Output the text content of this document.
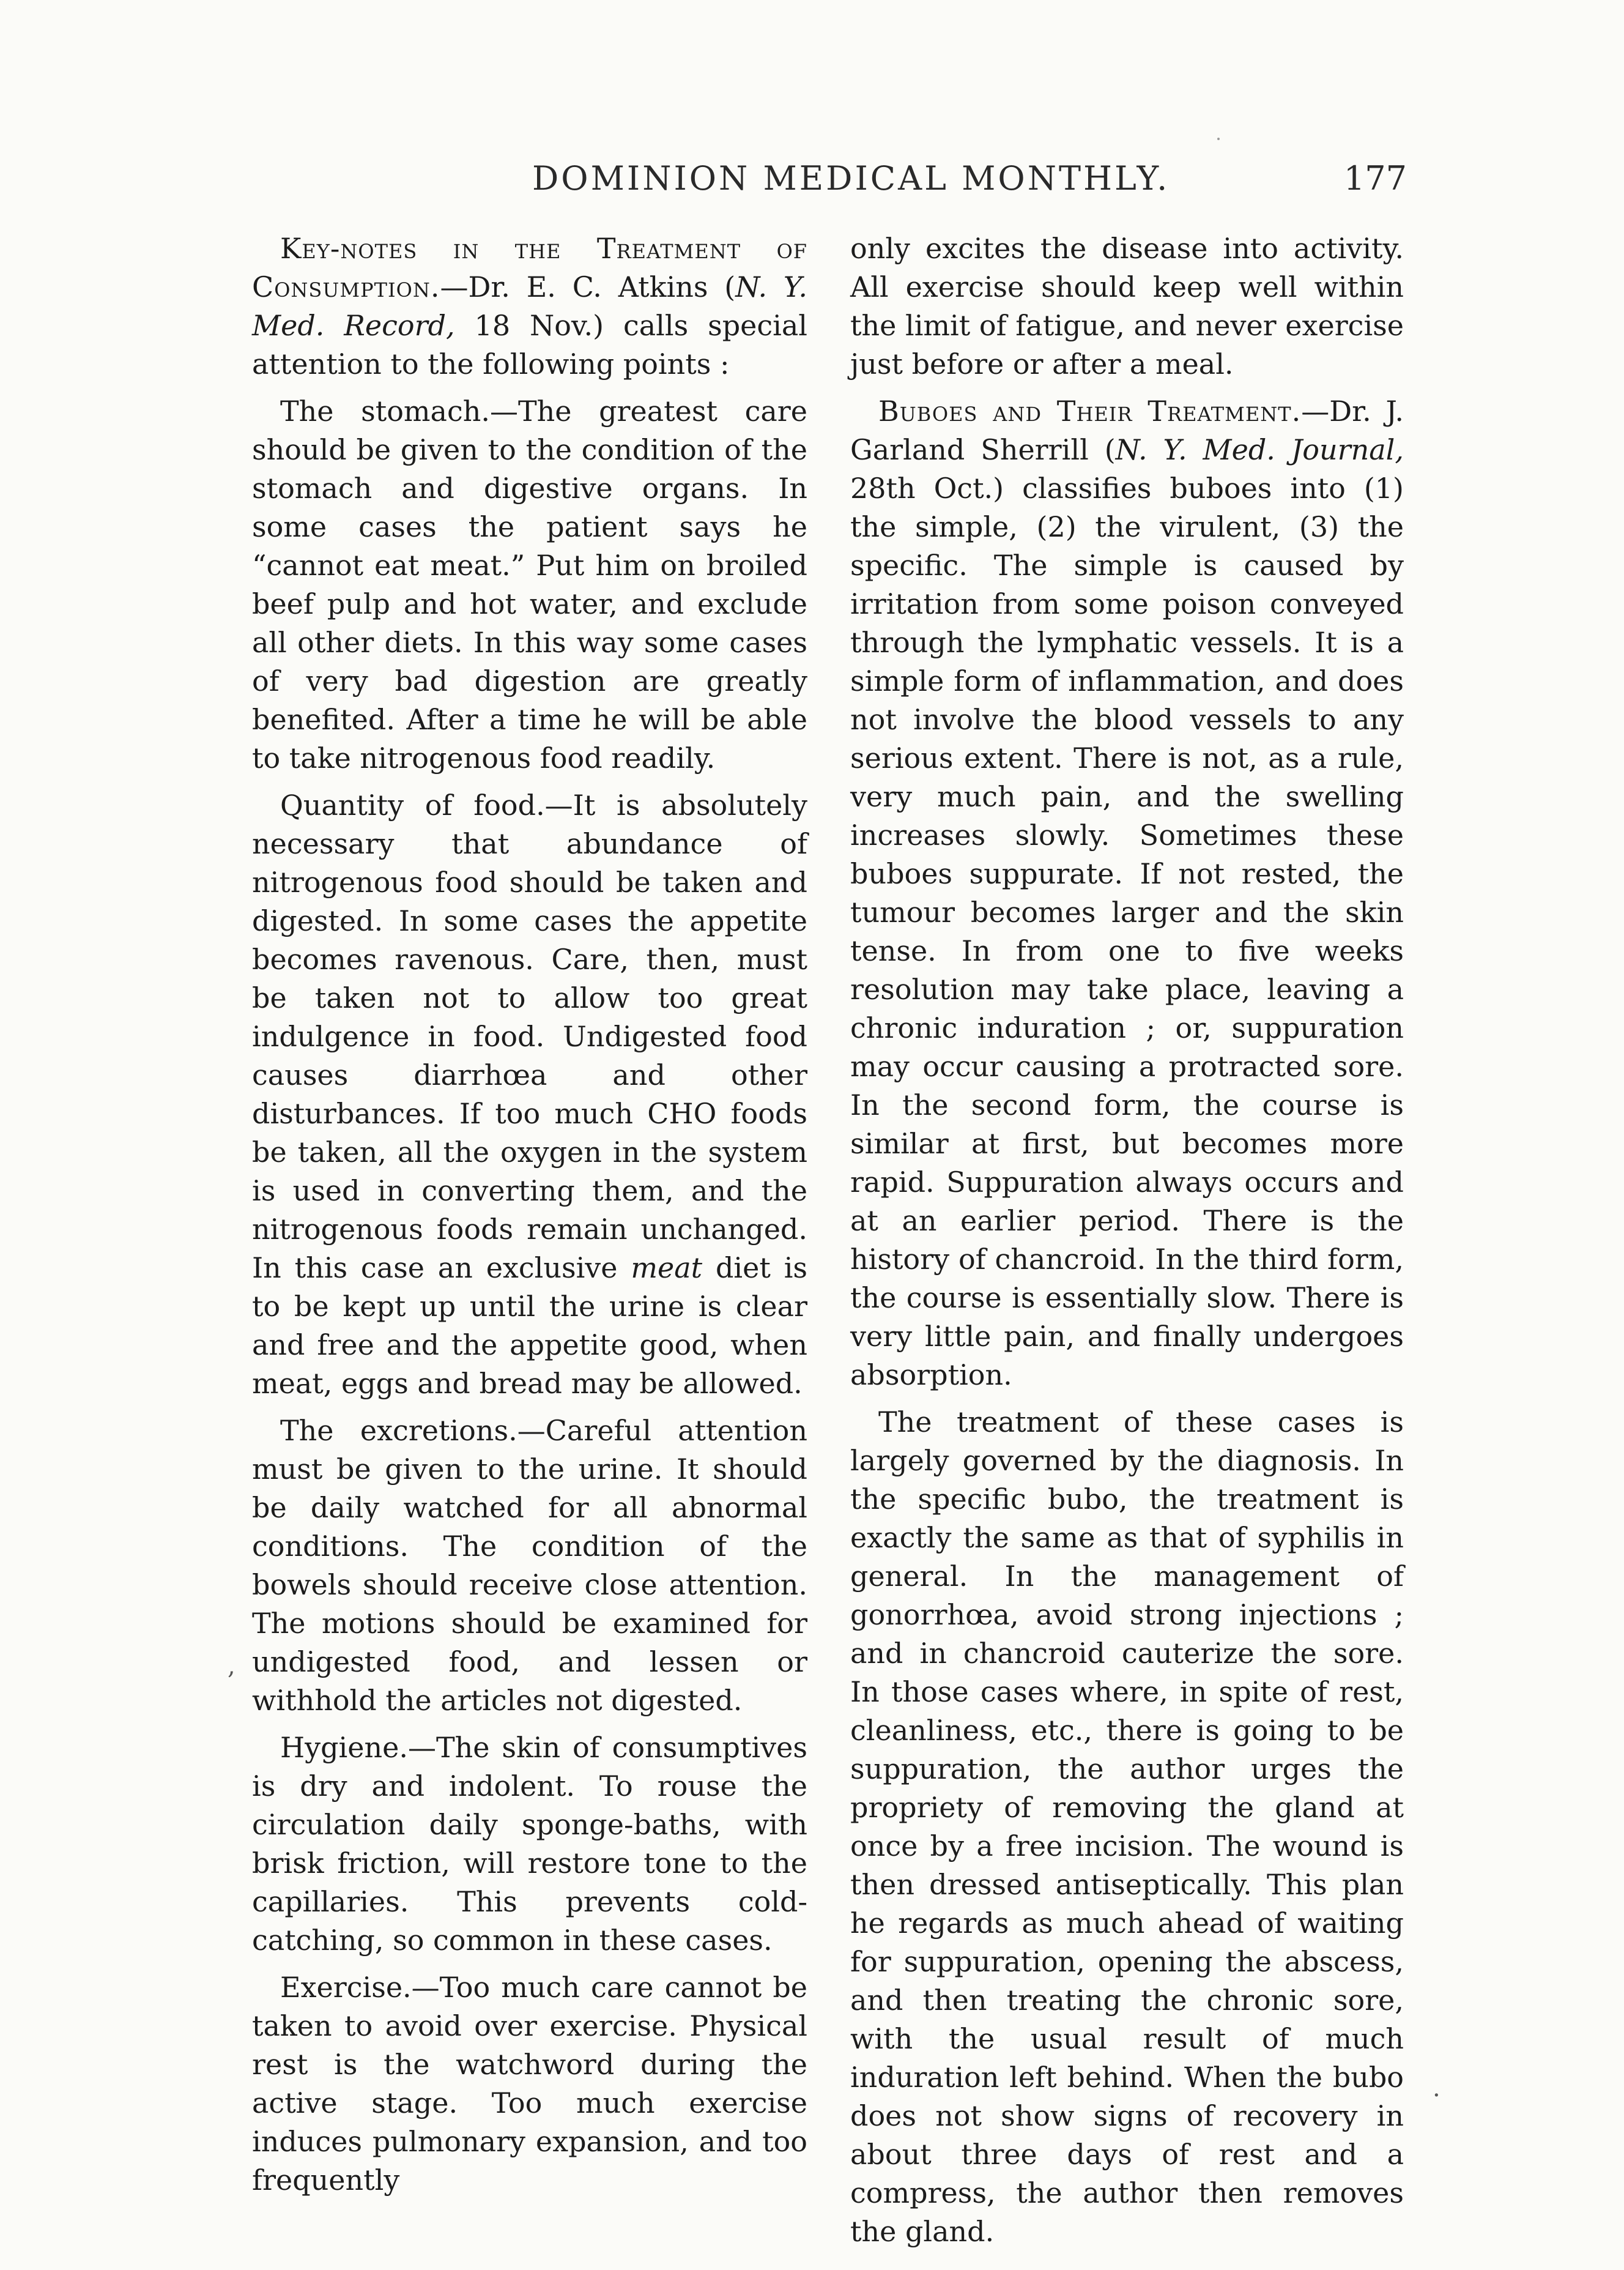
DOMINION MEDICAL MONTHLY.	177

Key-notes in the Treatment of Consumption.—Dr. E. C. Atkins (N. Y. Med. Record, 18 Nov.) calls special attention to the following points :

The stomach.—The greatest care should be given to the condition of the stomach and digestive organs. In some cases the patient says he “cannot eat meat.” Put him on broiled beef pulp and hot water, and exclude all other diets. In this way some cases of very bad digestion are greatly benefited. After a time he will be able to take nitrogenous food readily.

Quantity of food.—It is absolutely necessary that abundance of nitrogenous food should be taken and digested. In some cases the appetite becomes ravenous. Care, then, must be taken not to allow too great indulgence in food. Undigested food causes diarrhœa and other disturbances. If too much CHO foods be taken, all the oxygen in the system is used in converting them, and the nitrogenous foods remain unchanged. In this case an exclusive meat diet is to be kept up until the urine is clear and free and the appetite good, when meat, eggs and bread may be allowed.

The excretions.—Careful attention must be given to the urine. It should be daily watched for all abnormal conditions. The condition of the bowels should receive close attention. The motions should be examined for undigested food, and lessen or withhold the articles not digested.

Hygiene.—The skin of consumptives is dry and indolent. To rouse the circulation daily sponge-baths, with brisk friction, will restore tone to the capillaries. This prevents cold-catching, so common in these cases.

Exercise.—Too much care cannot be taken to avoid over exercise. Physical rest is the watchword during the active stage. Too much exercise induces pulmonary expansion, and too frequently

only excites the disease into activity. All exercise should keep well within the limit of fatigue, and never exercise just before or after a meal.

Buboes and Their Treatment.—Dr. J. Garland Sherrill (N. Y. Med. Journal, 28th Oct.) classifies buboes into (1) the simple, (2) the virulent, (3) the specific. The simple is caused by irritation from some poison conveyed through the lymphatic vessels. It is a simple form of inflammation, and does not involve the blood vessels to any serious extent. There is not, as a rule, very much pain, and the swelling increases slowly. Sometimes these buboes suppurate. If not rested, the tumour becomes larger and the skin tense. In from one to five weeks resolution may take place, leaving a chronic induration ; or, suppuration may occur causing a protracted sore. In the second form, the course is similar at first, but becomes more rapid. Suppuration always occurs and at an earlier period. There is the history of chancroid. In the third form, the course is essentially slow. There is very little pain, and finally undergoes absorption.

The treatment of these cases is largely governed by the diagnosis. In the specific bubo, the treatment is exactly the same as that of syphilis in general. In the management of gonorrhœa, avoid strong injections ; and in chancroid cauterize the sore. In those cases where, in spite of rest, cleanliness, etc., there is going to be suppuration, the author urges the propriety of removing the gland at once by a free incision. The wound is then dressed antiseptically. This plan he regards as much ahead of waiting for suppuration, opening the abscess, and then treating the chronic sore, with the usual result of much induration left behind. When the bubo does not show signs of recovery in about three days of rest and a compress, the author then removes the gland.

,
.
